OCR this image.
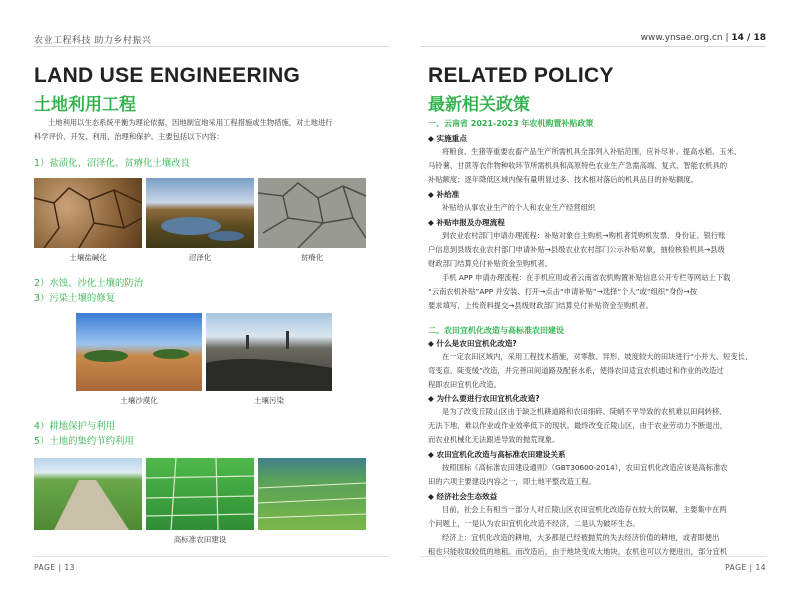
农业工程科技 助力乡村振兴	www.ynsae.org.cn | 14 / 18
LAND USE ENGINEERING
土地利用工程
土地利用以生态系统平衡为理论依据，因地制宜地采用工程措施或生物措施，对土地进行
科学评价、开发、利用、治理和保护。主要包括以下内容：
1）盐渍化、沼泽化、贫瘠化土壤改良
土壤盐碱化	沼泽化	贫瘠化
2）水蚀、沙化土壤的防治
3）污染土壤的修复
土壤沙漠化	土壤污染
4）耕地保护与利用
5）土地的集约节约利用
高标准农田建设
PAGE | 13
RELATED POLICY
最新相关政策
一、云南省 2021-2023 年农机购置补贴政策
◆ 实施重点
将粮食、生猪等重要农畜产品生产所需机具全部列入补贴范围，应补尽补。提高水稻、玉米、
马铃薯、甘蔗等农作物种收环节所需机具和高原特色农业生产急需高端、复式、智能农机具的
补贴额度；逐年降低区域内保有量明显过多、技术相对落后的机具品目的补贴额度。
◆ 补给准
补贴给从事农业生产的个人和农业生产经营组织
◆ 补贴申报及办理流程
到农业农村部门申请办理流程：补贴对象自主购机→购机者凭购机发票、身份证、银行账
户信息到县级农业农村部门申请补贴→县级农业农村部门公示补贴对象，抽检核验机具→县级
财政部门结算兑付补贴资金至购机者。
手机 APP 申请办理流程：在手机应用或者云南省农机购置补贴信息公开专栏等网站上下载
“云南农机补贴”APP 并安装、打开→点击“申请补贴”→选择“个人”或“组织”身份→按
要求填写、上传资料提交→县级财政部门结算兑付补贴资金至购机者。
二、农田宜机化改造与高标准农田建设
◆ 什么是农田宜机化改造?
在一定农田区域内，采用工程技术措施，对零散、异形、坡度较大的田块进行“小并大、短变长、
弯变直、陡变缓”改造，并完善田间道路及配套水系，使得农田适宜农机通过和作业的改造过
程即农田宜机化改造。
◆ 为什么要进行农田宜机化改造?
是为了改变丘陵山区由于缺乏机耕道路和农田细碎、陡峭不平导致的农机难以田间转移、
无法下地、难以作业或作业效率低下的现状。最终改变丘陵山区，由于农业劳动力不断退出，
而农业机械化无法跟进导致的抛荒现象。
◆ 农田宜机化改造与高标准农田建设关系
按照国标《高标准农田建设通则》（GBT30600-2014），农田宜机化改造应该是高标准农
田的六项主要建设内容之一，即土地平整改造工程。
◆ 经济社会生态效益
目前，社会上有相当一部分人对丘陵山区农田宜机化改造存在较大的误解，主要集中在两
个问题上，一是认为农田宜机化改造不经济，二是认为破坏生态。
经济上：宜机化改造的耕地，大多都是已经被抛荒的失去经济价值的耕地，或者即便出
租也只能收取较低的地租。而改造后，由于地块变成大地块，农机也可以方便进出，部分宜机
PAGE | 14
